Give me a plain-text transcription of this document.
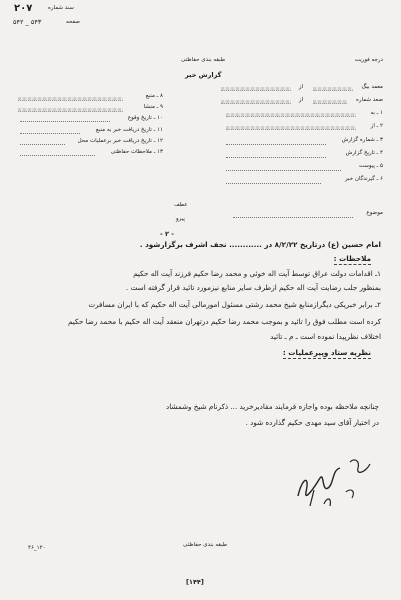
۲۰۷	سند شماره
۵۴۲ _ ۵۴۳	صفحه
طبقه بندی حفاظتی
گزارش خبر
درجه فوریت
معمد بیگ
از
صعد شماره
از
۱ ـ به
۲ ـ از
۳ ـ شماره گزارش
۴ ـ تاریخ گزارش
۵ ـ پیوست
۶ ـ گیرندگان خبر
۸ ـ منبع
۹ ـ منشا
۱۰ ـ تاریخ وقوع
۱۱ ـ تاریخ دریافت خبر به منبع
۱۲ ـ تاریخ دریافت خبر برعملیات محل
۱۳ ـ ملاحظات حفاظتی
عطف
پیرو
موضوع
- ۲ -
امام حسین (ع) درتاریخ ۸/۲/۲۲ در ............ نجف اشرف برگزارشود .
ملاحظات :
۱ـ اقدامات دولت عراق توسط آیت اله خوئی و محمد رضا حکیم فرزند آیت اله حکیم
بمنظور جلب رضایت آیت اله حکیم ازطرف سایر منابع نیزمورد تائید قرار گرفته است .
۲ـ برابر خبریکی دیگرازمنابع شیخ محمد رشتی مسئول امورمالی آیت اله حکیم که با ایران مسافرت
کرده است مطلب فوق را تائید و بموجب محمد رضا حکیم درتهران منعقد آیت اله حکیم با محمد رضا حکیم
اختلاف نظرپیدا نموده است ـ م ـ تائید
نظریه ستاد وپیرعملیات :
چنانچه ملاحظه بوده واجازه فرمایند مقادیرخرید ... ذکرنام شیخ وشمشاد
در اختیار آقای سید مهدی حکیم گذارده شود .
طبقه بندی حفاظتی
۴۶_۱۲۰
[۱۴۴]
